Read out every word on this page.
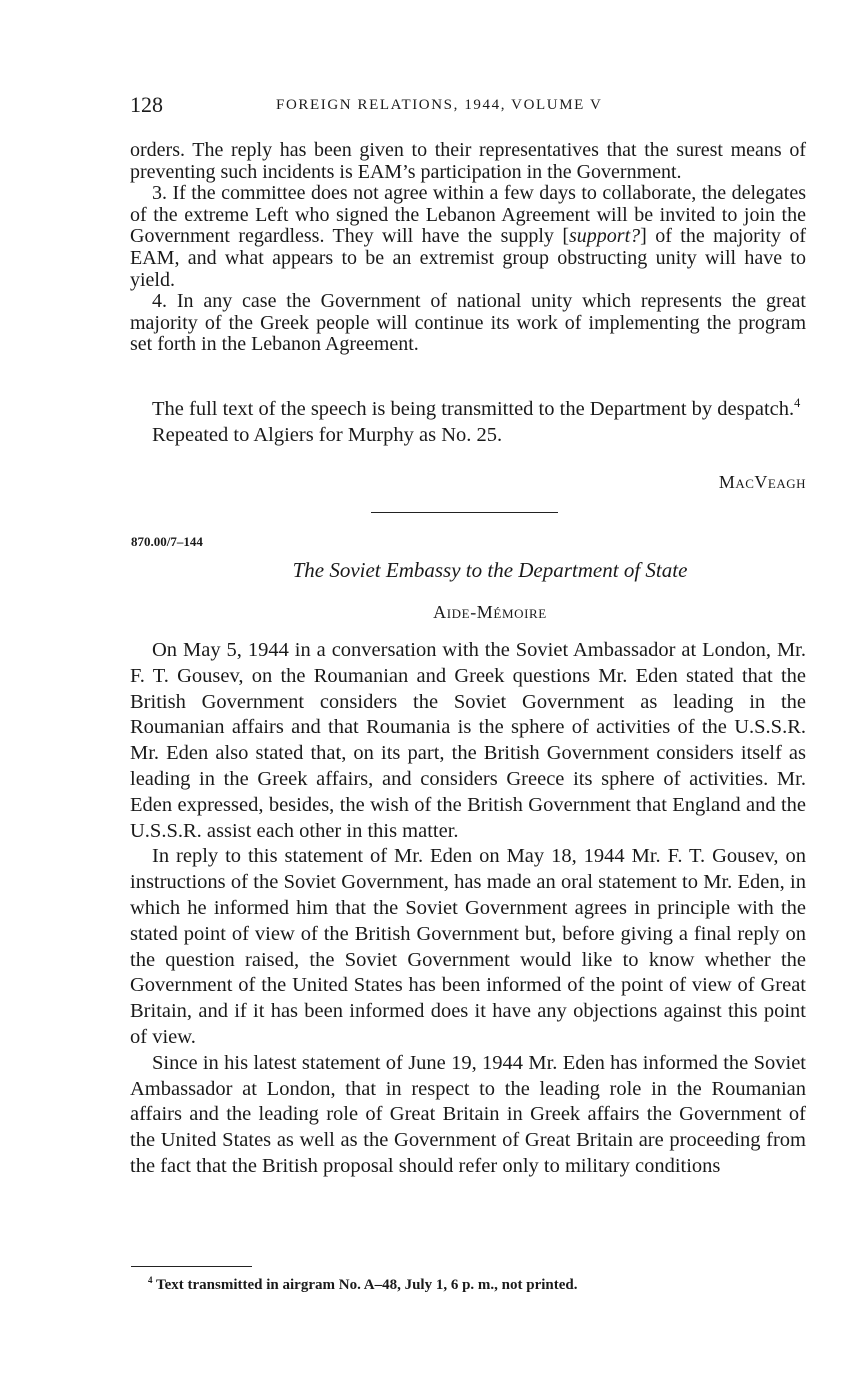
128	FOREIGN RELATIONS, 1944, VOLUME V

orders. The reply has been given to their representatives that the surest means of preventing such incidents is EAM’s participation in the Government.

3. If the committee does not agree within a few days to collaborate, the delegates of the extreme Left who signed the Lebanon Agreement will be invited to join the Government regardless. They will have the supply [support?] of the majority of EAM, and what appears to be an extremist group obstructing unity will have to yield.

4. In any case the Government of national unity which represents the great majority of the Greek people will continue its work of implementing the program set forth in the Lebanon Agreement.

The full text of the speech is being transmitted to the Department by despatch.$^4$

Repeated to Algiers for Murphy as No. 25.

MacVeagh
870.00/7–144
The Soviet Embassy to the Department of State
Aide-Mémoire

On May 5, 1944 in a conversation with the Soviet Ambassador at London, Mr. F. T. Gousev, on the Roumanian and Greek questions Mr. Eden stated that the British Government considers the Soviet Government as leading in the Roumanian affairs and that Roumania is the sphere of activities of the U.S.S.R. Mr. Eden also stated that, on its part, the British Government considers itself as leading in the Greek affairs, and considers Greece its sphere of activities. Mr. Eden expressed, besides, the wish of the British Government that England and the U.S.S.R. assist each other in this matter.

In reply to this statement of Mr. Eden on May 18, 1944 Mr. F. T. Gousev, on instructions of the Soviet Government, has made an oral statement to Mr. Eden, in which he informed him that the Soviet Government agrees in principle with the stated point of view of the British Government but, before giving a final reply on the question raised, the Soviet Government would like to know whether the Government of the United States has been informed of the point of view of Great Britain, and if it has been informed does it have any objections against this point of view.

Since in his latest statement of June 19, 1944 Mr. Eden has informed the Soviet Ambassador at London, that in respect to the leading role in the Roumanian affairs and the leading role of Great Britain in Greek affairs the Government of the United States as well as the Government of Great Britain are proceeding from the fact that the British proposal should refer only to military conditions

$^4$ Text transmitted in airgram No. A–48, July 1, 6 p. m., not printed.
